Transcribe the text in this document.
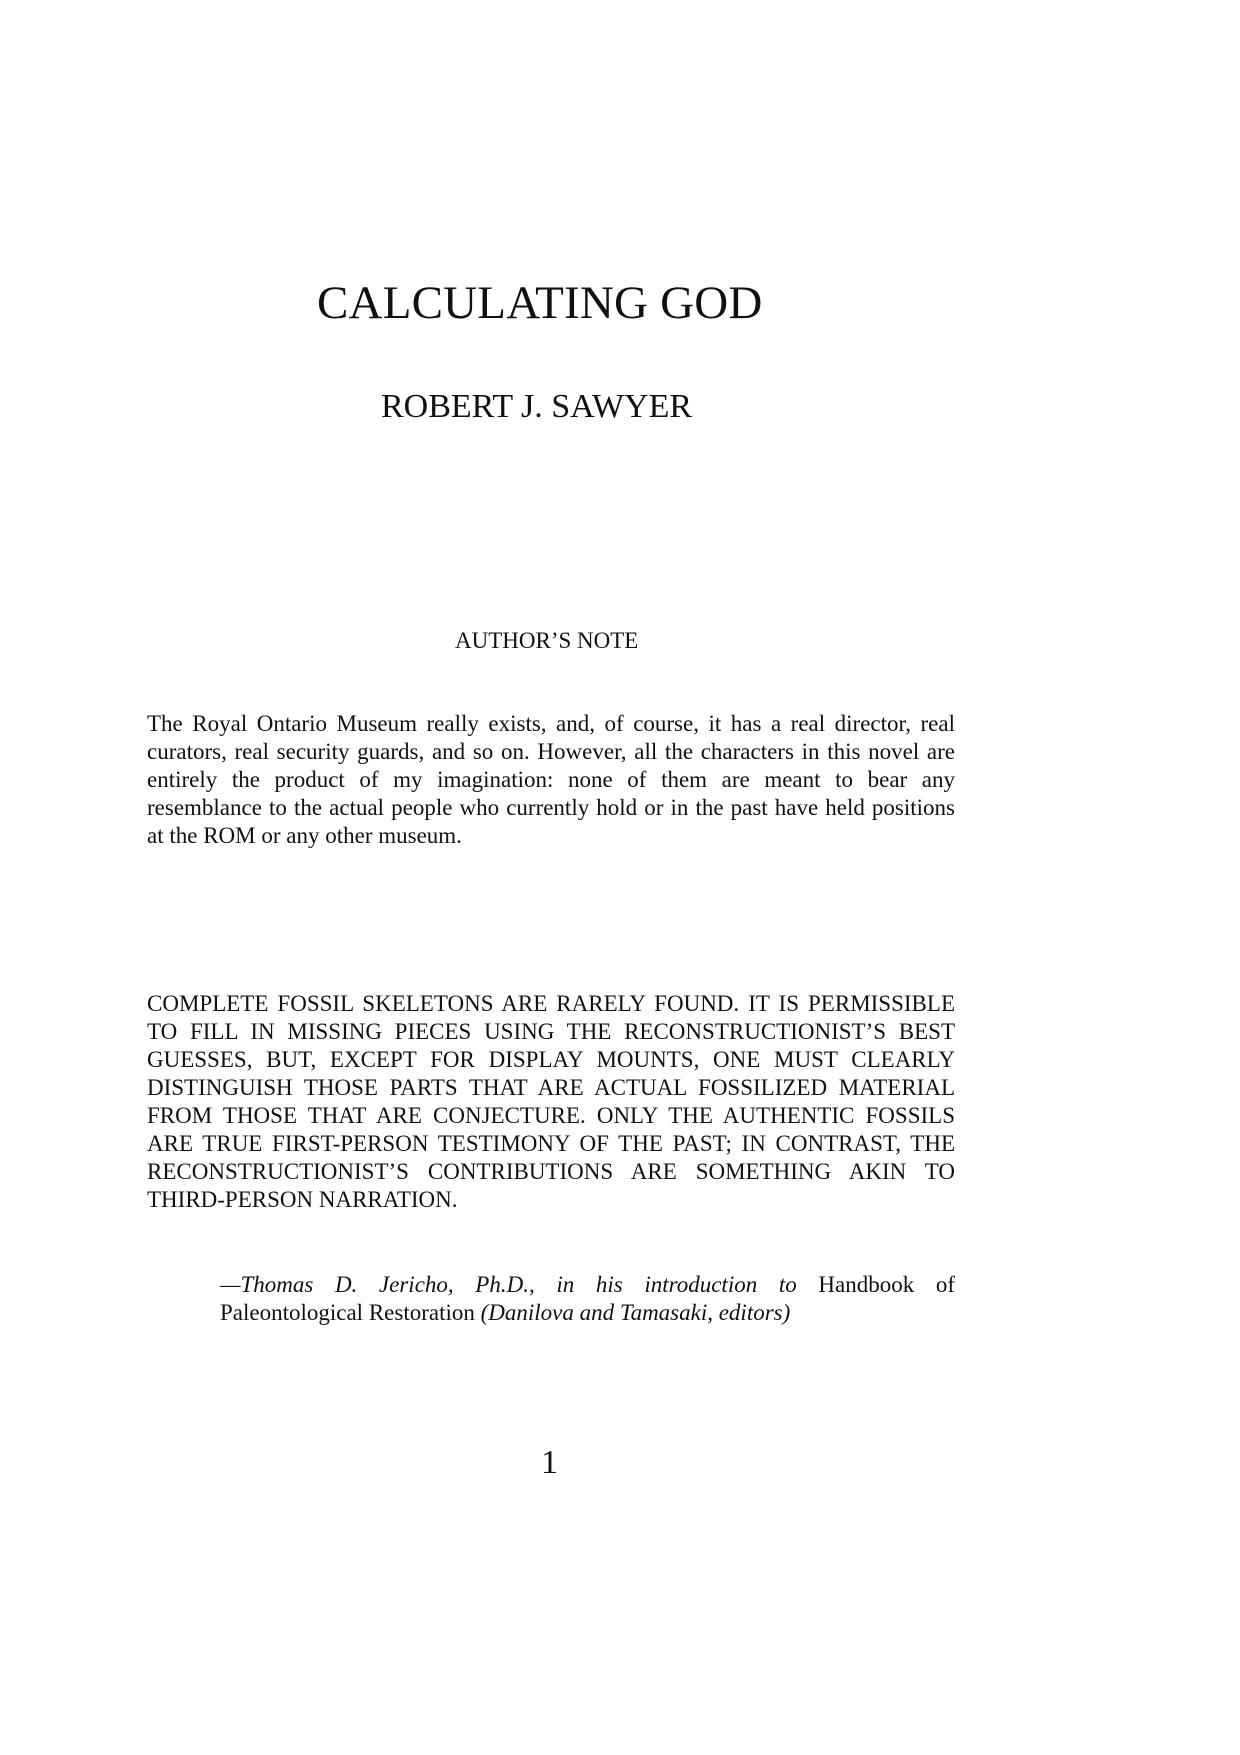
CALCULATING GOD
ROBERT J. SAWYER
AUTHOR’S NOTE

The Royal Ontario Museum really exists, and, of course, it has a real director, real curators, real security guards, and so on. However, all the characters in this novel are entirely the product of my imagination: none of them are meant to bear any resemblance to the actual people who currently hold or in the past have held positions at the ROM or any other museum.

COMPLETE FOSSIL SKELETONS ARE RARELY FOUND. IT IS PERMISSIBLE TO FILL IN MISSING PIECES USING THE RECONSTRUCTIONIST’S BEST GUESSES, BUT, EXCEPT FOR DISPLAY MOUNTS, ONE MUST CLEARLY DISTINGUISH THOSE PARTS THAT ARE ACTUAL FOSSILIZED MATERIAL FROM THOSE THAT ARE CONJECTURE. ONLY THE AUTHENTIC FOSSILS ARE TRUE FIRST-PERSON TESTIMONY OF THE PAST; IN CONTRAST, THE RECONSTRUCTIONIST’S CONTRIBUTIONS ARE SOMETHING AKIN TO THIRD-PERSON NARRATION.

—Thomas D. Jericho, Ph.D., in his introduction to Handbook of Paleontological Restoration (Danilova and Tamasaki, editors)

1
